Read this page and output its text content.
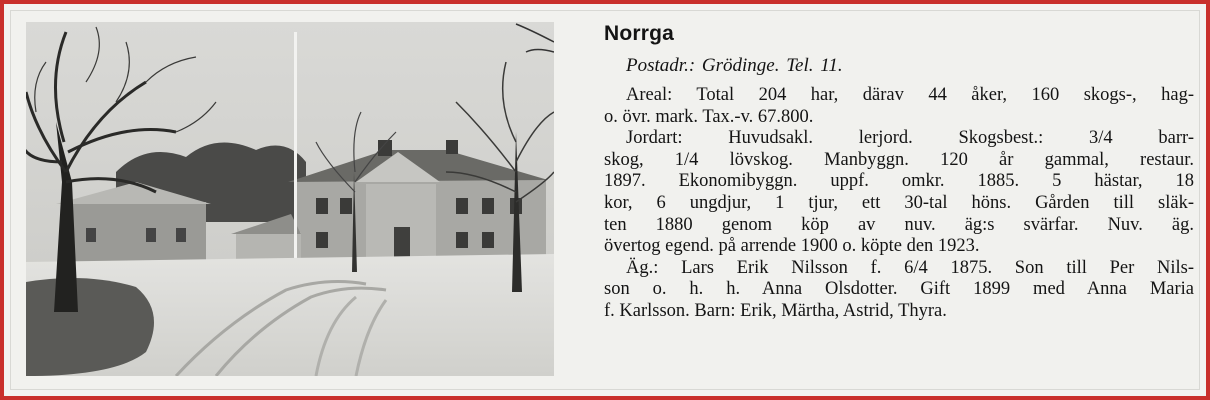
Norrga
Postadr.: Grödinge. Tel. 11.
Areal: Total 204 har, därav 44 åker, 160 skogs-, hag-
o. övr. mark. Tax.-v. 67.800.
Jordart: Huvudsakl. lerjord. Skogsbest.: 3/4 barr-
skog, 1/4 lövskog. Manbyggn. 120 år gammal, restaur.
1897. Ekonomibyggn. uppf. omkr. 1885. 5 hästar, 18
kor, 6 ungdjur, 1 tjur, ett 30-tal höns. Gården till släk-
ten 1880 genom köp av nuv. äg:s svärfar. Nuv. äg.
övertog egend. på arrende 1900 o. köpte den 1923.
Äg.: Lars Erik Nilsson f. 6/4 1875. Son till Per Nils-
son o. h. h. Anna Olsdotter. Gift 1899 med Anna Maria
f. Karlsson. Barn: Erik, Märtha, Astrid, Thyra.
